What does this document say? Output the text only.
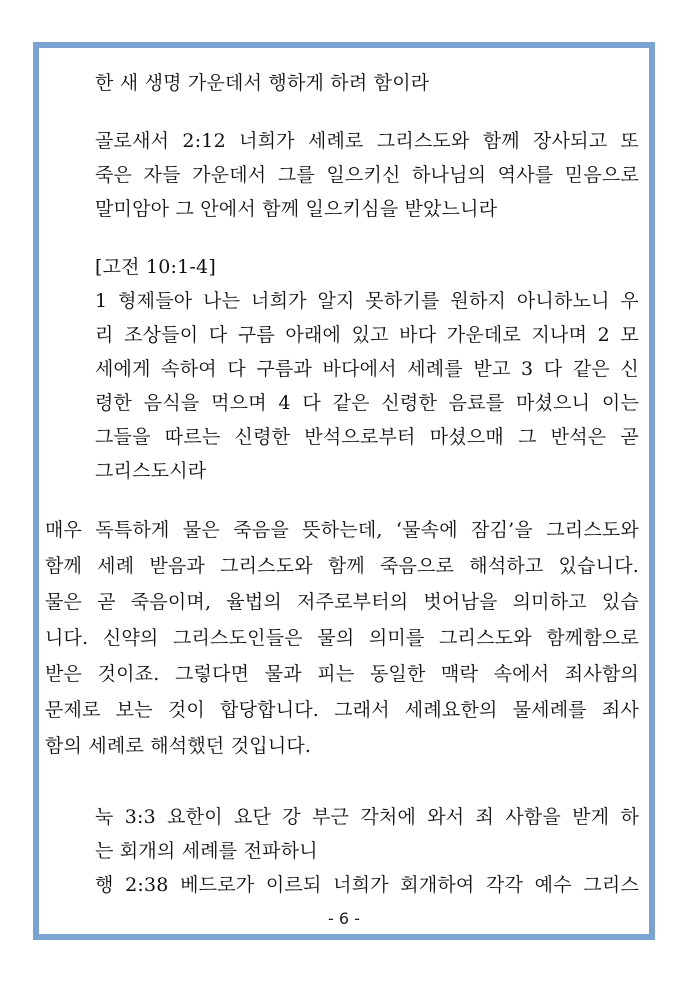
한 새 생명 가운데서 행하게 하려 함이라
골로새서 2:12 너희가 세례로 그리스도와 함께 장사되고 또
죽은 자들 가운데서 그를 일으키신 하나님의 역사를 믿음으로
말미암아 그 안에서 함께 일으키심을 받았느니라
[고전 10:1-4]
1 형제들아 나는 너희가 알지 못하기를 원하지 아니하노니 우
리 조상들이 다 구름 아래에 있고 바다 가운데로 지나며 2 모
세에게 속하여 다 구름과 바다에서 세례를 받고 3 다 같은 신
령한 음식을 먹으며 4 다 같은 신령한 음료를 마셨으니 이는
그들을 따르는 신령한 반석으로부터 마셨으매 그 반석은 곧
그리스도시라
매우 독특하게 물은 죽음을 뜻하는데, ‘물속에 잠김’을 그리스도와
함께 세례 받음과 그리스도와 함께 죽음으로 해석하고 있습니다.
물은 곧 죽음이며, 율법의 저주로부터의 벗어남을 의미하고 있습
니다. 신약의 그리스도인들은 물의 의미를 그리스도와 함께함으로
받은 것이죠. 그렇다면 물과 피는 동일한 맥락 속에서 죄사함의
문제로 보는 것이 합당합니다. 그래서 세례요한의 물세례를 죄사
함의 세례로 해석했던 것입니다.
눅 3:3 요한이 요단 강 부근 각처에 와서 죄 사함을 받게 하
는 회개의 세례를 전파하니
행 2:38 베드로가 이르되 너희가 회개하여 각각 예수 그리스
- 6 -
